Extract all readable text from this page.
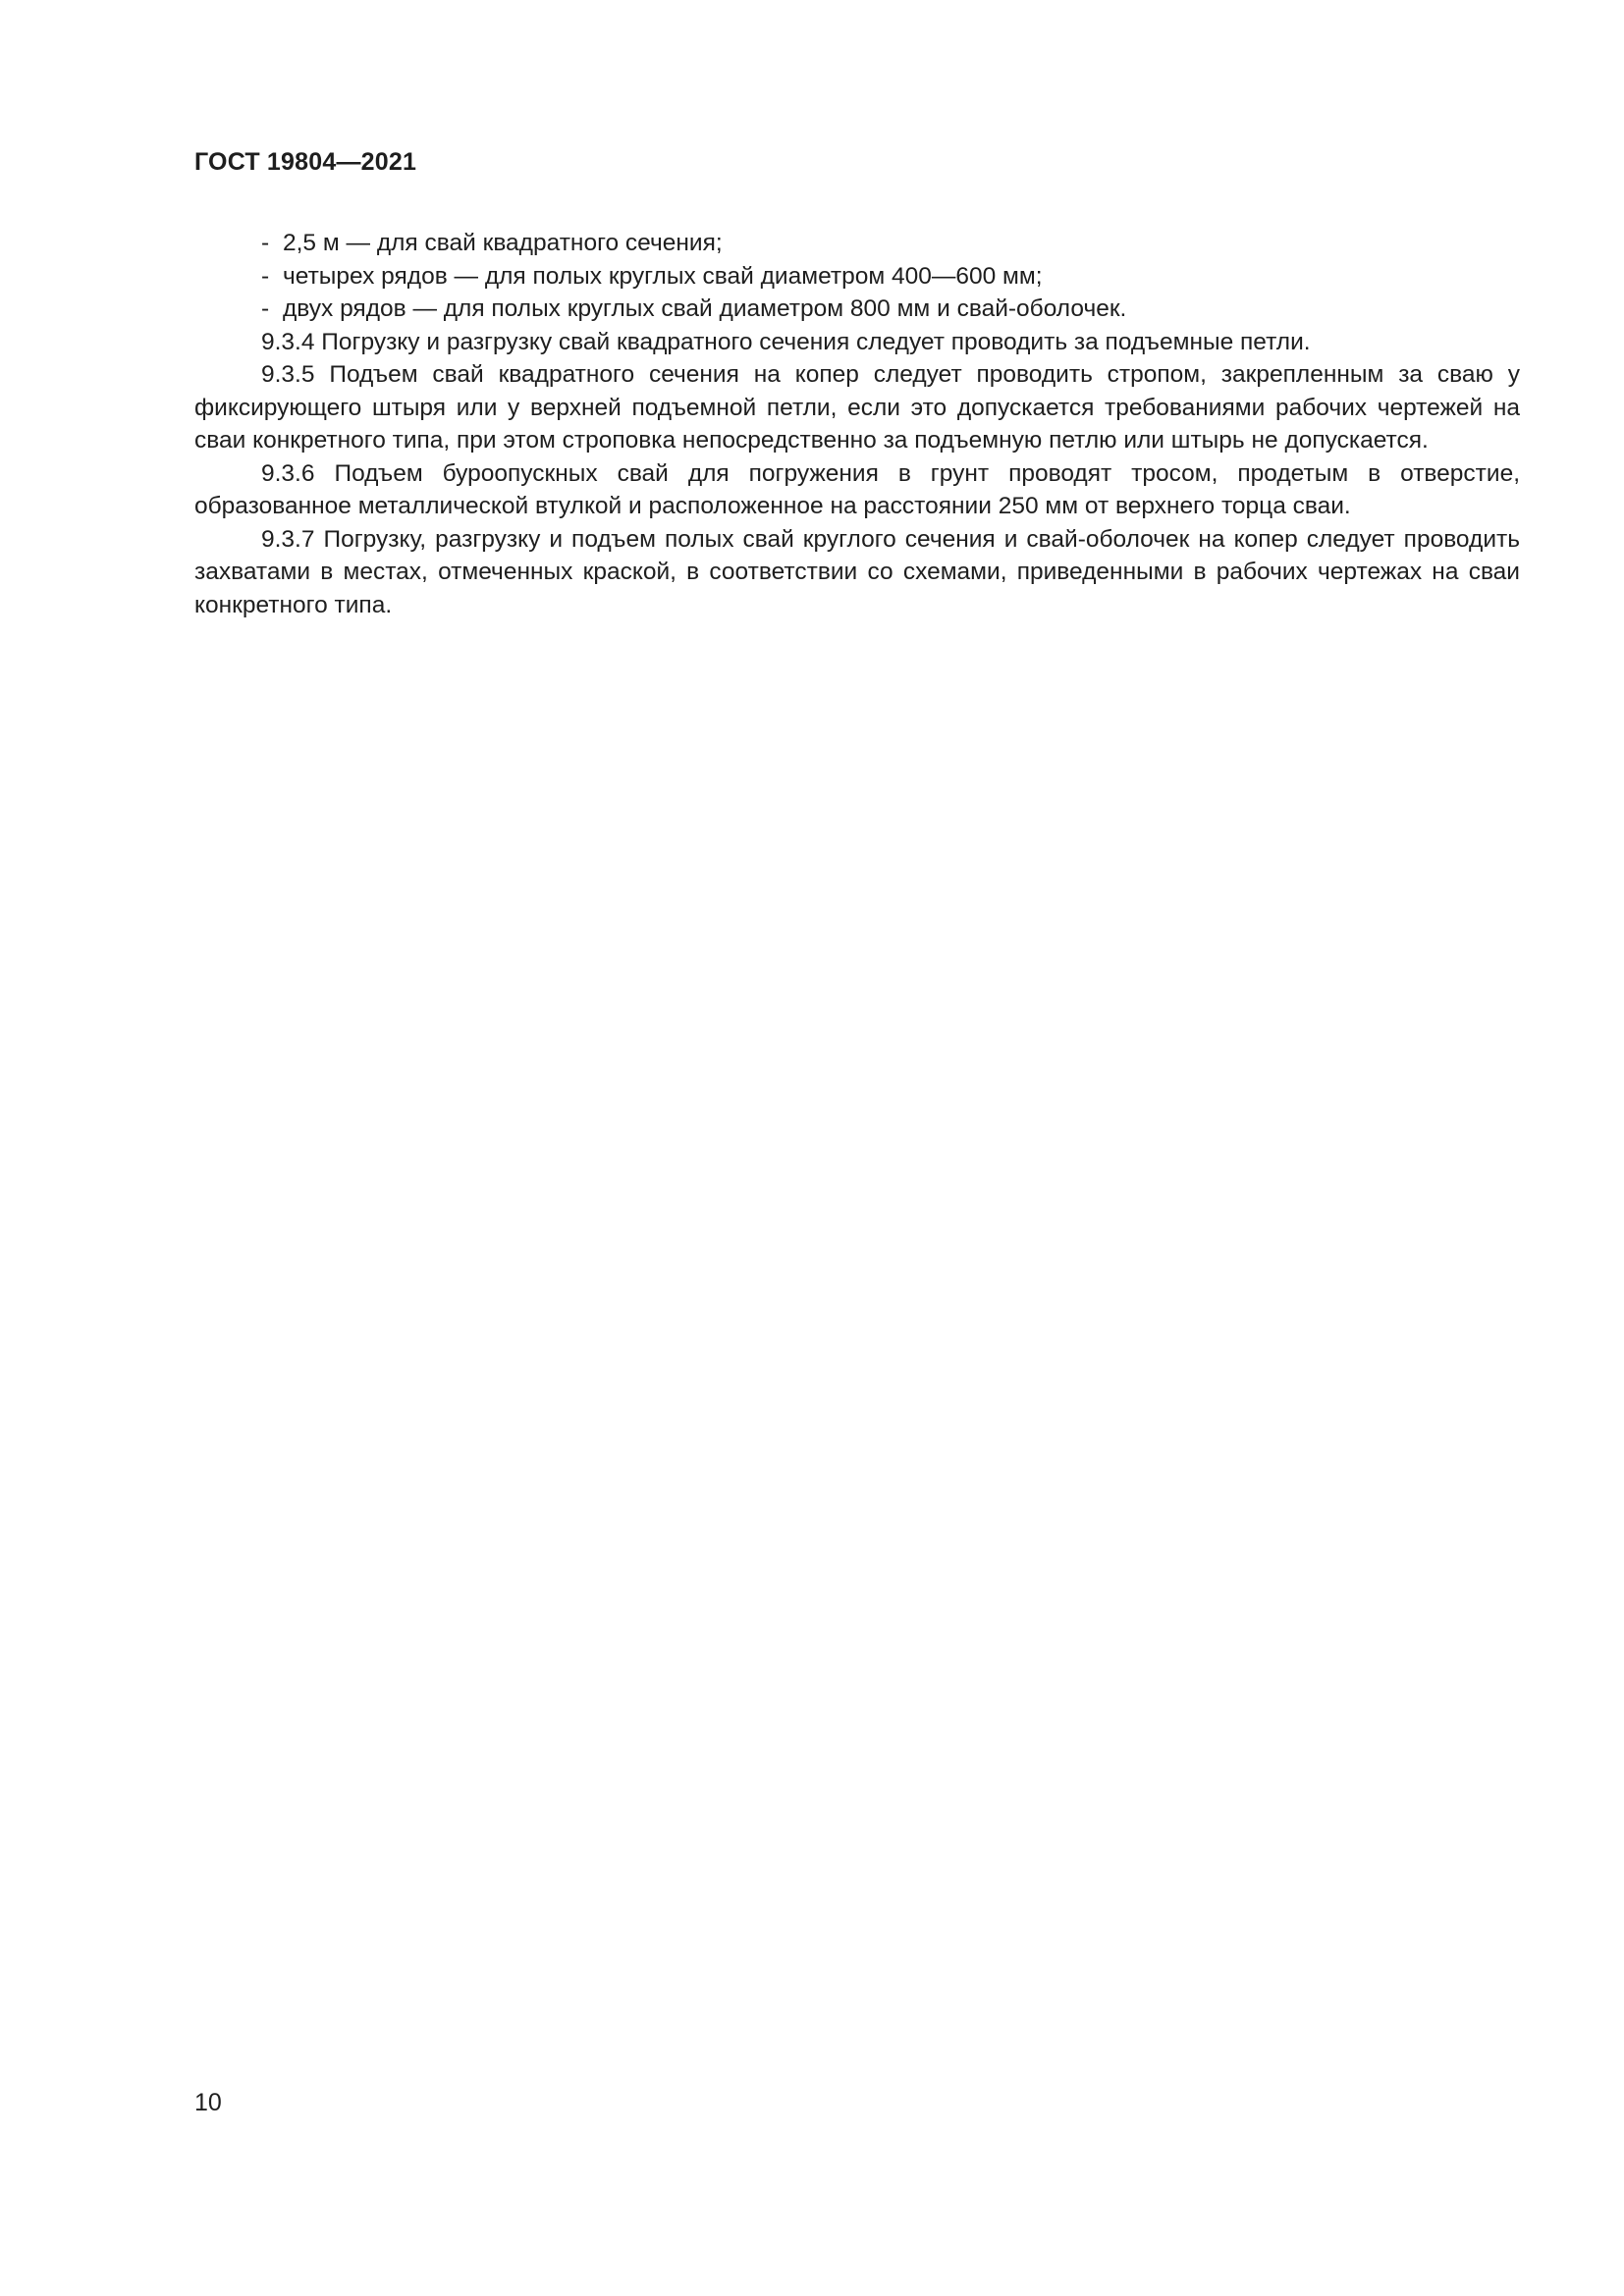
ГОСТ 19804—2021
- 2,5 м — для свай квадратного сечения;
- четырех рядов — для полых круглых свай диаметром 400—600 мм;
- двух рядов — для полых круглых свай диаметром 800 мм и свай-оболочек.
9.3.4 Погрузку и разгрузку свай квадратного сечения следует проводить за подъемные петли.
9.3.5 Подъем свай квадратного сечения на копер следует проводить стропом, закрепленным за сваю у фиксирующего штыря или у верхней подъемной петли, если это допускается требованиями рабочих чертежей на сваи конкретного типа, при этом строповка непосредственно за подъемную петлю или штырь не допускается.
9.3.6 Подъем буроопускных свай для погружения в грунт проводят тросом, продетым в отверстие, образованное металлической втулкой и расположенное на расстоянии 250 мм от верхнего торца сваи.
9.3.7 Погрузку, разгрузку и подъем полых свай круглого сечения и свай-оболочек на копер следует проводить захватами в местах, отмеченных краской, в соответствии со схемами, приведенными в рабочих чертежах на сваи конкретного типа.
10
